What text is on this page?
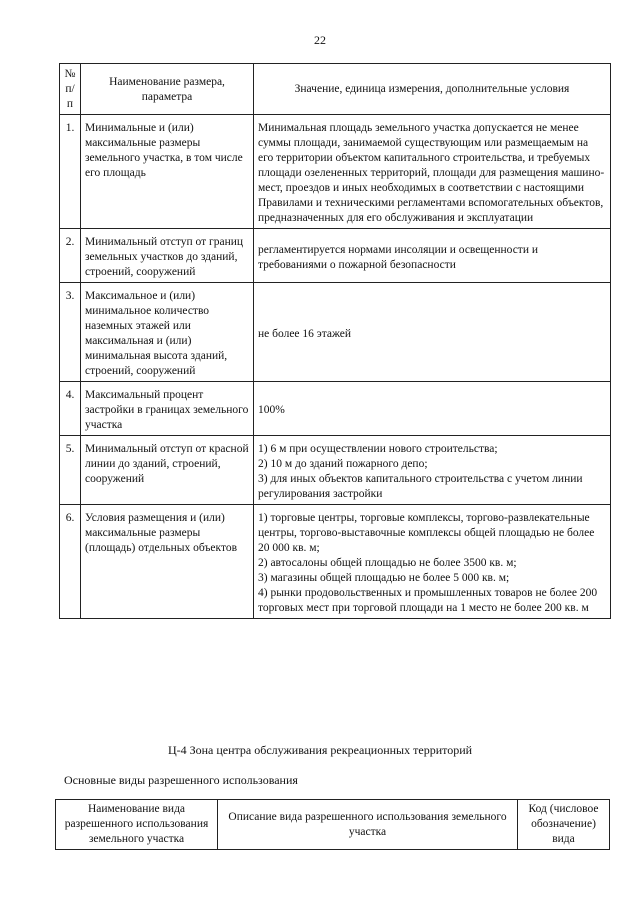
22
№ п/п	Наименование размера, параметра	Значение, единица измерения, дополнительные условия
1.	Минимальные и (или) максимальные размеры земельного участка, в том числе его площадь	Минимальная площадь земельного участка допускается не менее суммы площади, занимаемой существующим или размещаемым на его территории объектом капитального строительства, и требуемых площади озелененных территорий, площади для размещения машино-мест, проездов и иных необходимых в соответствии с настоящими Правилами и техническими регламентами вспомогательных объектов, предназначенных для его обслуживания и эксплуатации
2.	Минимальный отступ от границ земельных участков до зданий, строений, сооружений	регламентируется нормами инсоляции и освещенности и требованиями о пожарной безопасности
3.	Максимальное и (или) минимальное количество наземных этажей или максимальная и (или) минимальная высота зданий, строений, сооружений	не более 16 этажей
4.	Максимальный процент застройки в границах земельного участка	100%
5.	Минимальный отступ от красной линии до зданий, строений, сооружений	1) 6 м при осуществлении нового строительства;
2) 10 м до зданий пожарного депо;
3) для иных объектов капитального строительства с учетом линии регулирования застройки

6.	Условия размещения и (или) максимальные размеры (площадь) отдельных объектов	1) торговые центры, торговые комплексы, торгово-развлекательные центры, торгово-выставочные комплексы общей площадью не более 20 000 кв. м;
2) автосалоны общей площадью не более 3500 кв. м;
3) магазины общей площадью не более 5 000 кв. м;
4) рынки продовольственных и промышленных товаров не более 200 торговых мест при торговой площади на 1 место не более 200 кв. м
Ц-4 Зона центра обслуживания рекреационных территорий
Основные виды разрешенного использования
Наименование вида разрешенного использования земельного участка	Описание вида разрешенного использования земельного участка	Код (числовое обозначение) вида
